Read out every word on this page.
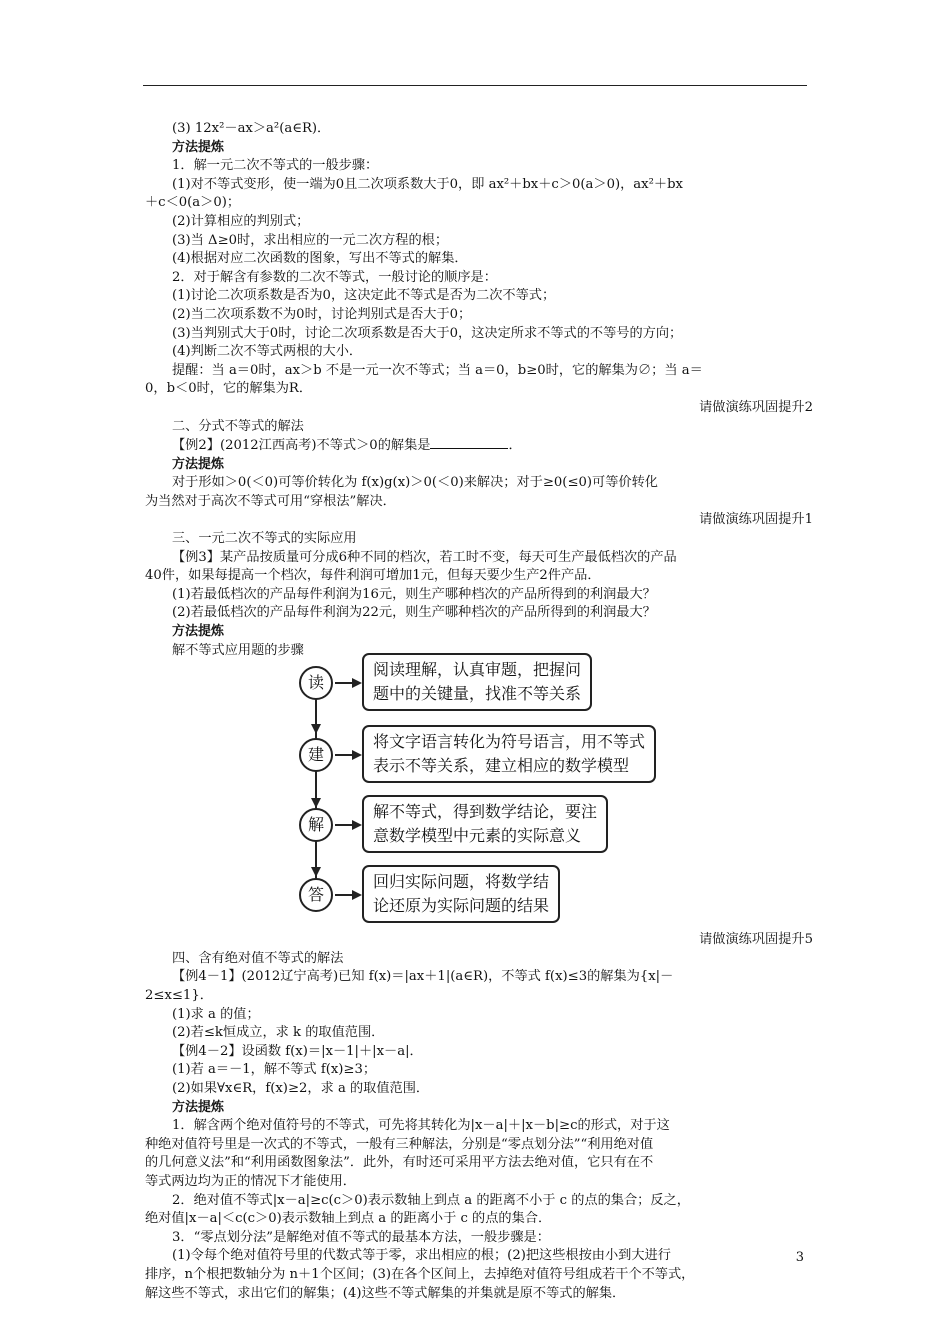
(3) 12x²－ax＞a²(a∈R)．
方法提炼
1．解一元二次不等式的一般步骤：
(1)对不等式变形，使一端为0且二次项系数大于0，即 ax²＋bx＋c＞0(a＞0)，ax²＋bx
＋c＜0(a＞0)；
(2)计算相应的判别式；
(3)当 Δ≥0时，求出相应的一元二次方程的根；
(4)根据对应二次函数的图象，写出不等式的解集．
2．对于解含有参数的二次不等式，一般讨论的顺序是：
(1)讨论二次项系数是否为0，这决定此不等式是否为二次不等式；
(2)当二次项系数不为0时，讨论判别式是否大于0；
(3)当判别式大于0时，讨论二次项系数是否大于0，这决定所求不等式的不等号的方向；
(4)判断二次不等式两根的大小．
提醒：当 a＝0时，ax＞b 不是一元一次不等式；当 a＝0，b≥0时，它的解集为∅；当 a＝
0，b＜0时，它的解集为R．
请做演练巩固提升2
二、分式不等式的解法
【例2】(2012江西高考)不等式＞0的解集是	．
方法提炼
对于形如＞0(＜0)可等价转化为 f(x)g(x)＞0(＜0)来解决；对于≥0(≤0)可等价转化
为当然对于高次不等式可用“穿根法”解决．
请做演练巩固提升1
三、一元二次不等式的实际应用
【例3】某产品按质量可分成6种不同的档次，若工时不变，每天可生产最低档次的产品
40件，如果每提高一个档次，每件利润可增加1元，但每天要少生产2件产品．
(1)若最低档次的产品每件利润为16元，则生产哪种档次的产品所得到的利润最大？
(2)若最低档次的产品每件利润为22元，则生产哪种档次的产品所得到的利润最大？
方法提炼
解不等式应用题的步骤
读
阅读理解，认真审题，把握问
题中的关键量，找准不等关系
建
将文字语言转化为符号语言，用不等式
表示不等关系，建立相应的数学模型
解
解不等式，得到数学结论，要注
意数学模型中元素的实际意义
答
回归实际问题，将数学结
论还原为实际问题的结果
请做演练巩固提升5
四、含有绝对值不等式的解法
【例4－1】(2012辽宁高考)已知 f(x)＝|ax＋1|(a∈R)，不等式 f(x)≤3的解集为{x|－
2≤x≤1}．
(1)求 a 的值；
(2)若≤k恒成立，求 k 的取值范围．
【例4－2】设函数 f(x)＝|x－1|＋|x－a|．
(1)若 a＝－1，解不等式 f(x)≥3；
(2)如果∀x∈R，f(x)≥2，求 a 的取值范围．
方法提炼
1．解含两个绝对值符号的不等式，可先将其转化为|x－a|＋|x－b|≥c的形式，对于这
种绝对值符号里是一次式的不等式，一般有三种解法，分别是“零点划分法”“利用绝对值
的几何意义法”和“利用函数图象法”．此外，有时还可采用平方法去绝对值，它只有在不
等式两边均为正的情况下才能使用．
2．绝对值不等式|x－a|≥c(c＞0)表示数轴上到点 a 的距离不小于 c 的点的集合；反之，
绝对值|x－a|＜c(c＞0)表示数轴上到点 a 的距离小于 c 的点的集合．
3．“零点划分法”是解绝对值不等式的最基本方法，一般步骤是：
(1)令每个绝对值符号里的代数式等于零，求出相应的根；(2)把这些根按由小到大进行
排序，n个根把数轴分为 n＋1个区间；(3)在各个区间上，去掉绝对值符号组成若干个不等式，
解这些不等式，求出它们的解集；(4)这些不等式解集的并集就是原不等式的解集．
3
